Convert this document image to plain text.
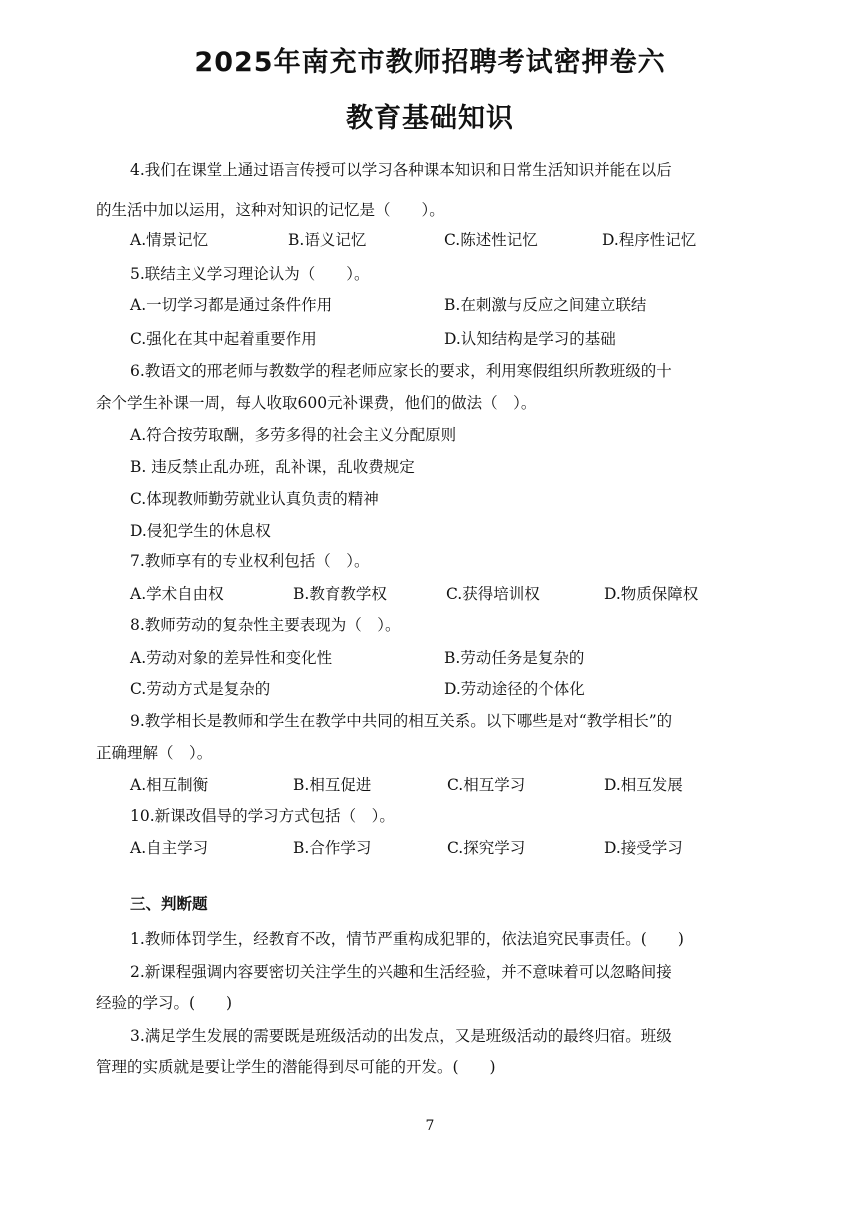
2025年南充市教师招聘考试密押卷六
教育基础知识

4.我们在课堂上通过语言传授可以学习各种课本知识和日常生活知识并能在以后

的生活中加以运用，这种对知识的记忆是（　　）。

A.情景记忆	B.语义记忆	C.陈述性记忆	D.程序性记忆

5.联结主义学习理论认为（　　）。

A.一切学习都是通过条件作用	B.在刺激与反应之间建立联结
C.强化在其中起着重要作用	D.认知结构是学习的基础

6.教语文的邢老师与教数学的程老师应家长的要求，利用寒假组织所教班级的十

余个学生补课一周，每人收取600元补课费，他们的做法（　）。

A.符合按劳取酬，多劳多得的社会主义分配原则
B. 违反禁止乱办班，乱补课，乱收费规定
C.体现教师勤劳就业认真负责的精神
D.侵犯学生的休息权

7.教师享有的专业权利包括（　）。

A.学术自由权	B.教育教学权	C.获得培训权	D.物质保障权

8.教师劳动的复杂性主要表现为（　）。

A.劳动对象的差异性和变化性	B.劳动任务是复杂的
C.劳动方式是复杂的	D.劳动途径的个体化

9.教学相长是教师和学生在教学中共同的相互关系。以下哪些是对“教学相长”的

正确理解（　）。

A.相互制衡	B.相互促进	C.相互学习	D.相互发展

10.新课改倡导的学习方式包括（　）。

A.自主学习	B.合作学习	C.探究学习	D.接受学习
三、判断题

1.教师体罚学生，经教育不改，情节严重构成犯罪的，依法追究民事责任。(　　)

2.新课程强调内容要密切关注学生的兴趣和生活经验，并不意味着可以忽略间接

经验的学习。(　　)

3.满足学生发展的需要既是班级活动的出发点，又是班级活动的最终归宿。班级

管理的实质就是要让学生的潜能得到尽可能的开发。(　　)

7
